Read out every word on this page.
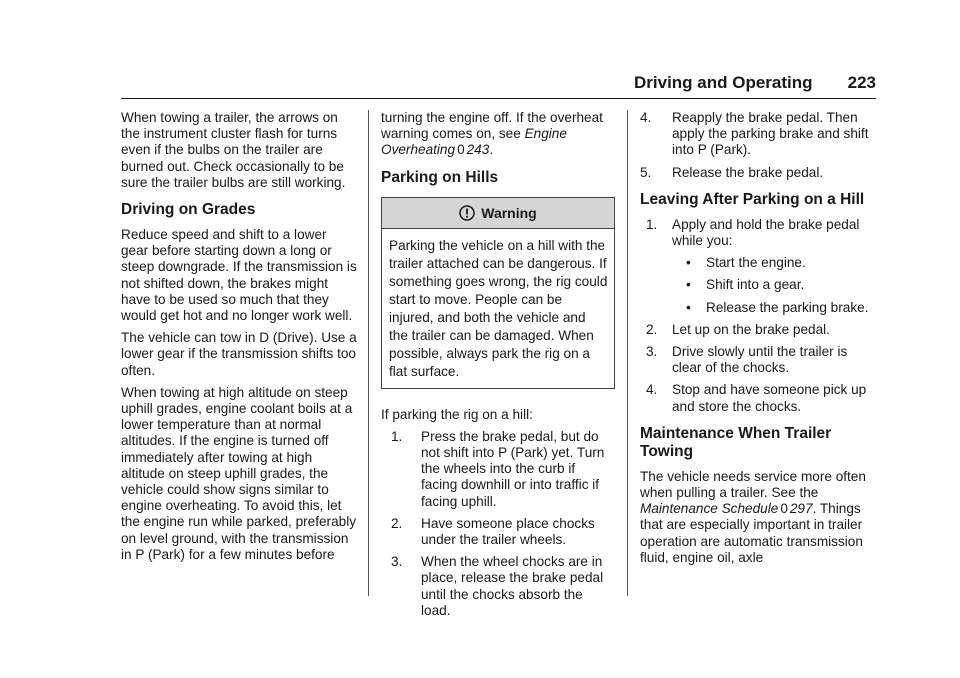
Driving and Operating 223

When towing a trailer, the arrows on the instrument cluster flash for turns even if the bulbs on the trailer are burned out. Check occasionally to be sure the trailer bulbs are still working.

Driving on Grades

Reduce speed and shift to a lower gear before starting down a long or steep downgrade. If the transmission is not shifted down, the brakes might have to be used so much that they would get hot and no longer work well.

The vehicle can tow in D (Drive). Use a lower gear if the transmission shifts too often.

When towing at high altitude on steep uphill grades, engine coolant boils at a lower temperature than at normal altitudes. If the engine is turned off immediately after towing at high altitude on steep uphill grades, the vehicle could show signs similar to engine overheating. To avoid this, let the engine run while parked, preferably on level ground, with the transmission in P (Park) for a few minutes before

turning the engine off. If the overheat warning comes on, see Engine Overheating 0 243.

Parking on Hills
Warning
Parking the vehicle on a hill with the trailer attached can be dangerous. If something goes wrong, the rig could start to move. People can be injured, and both the vehicle and the trailer can be damaged. When possible, always park the rig on a flat surface.

If parking the rig on a hill:

1.	Press the brake pedal, but do not shift into P (Park) yet. Turn the wheels into the curb if facing downhill or into traffic if facing uphill.
2.	Have someone place chocks under the trailer wheels.
3.	When the wheel chocks are in place, release the brake pedal until the chocks absorb the load.
4.	Reapply the brake pedal. Then apply the parking brake and shift into P (Park).
5.	Release the brake pedal.
Leaving After Parking on a Hill
1.	Apply and hold the brake pedal while you:
•	Start the engine.
•	Shift into a gear.
•	Release the parking brake.
2.	Let up on the brake pedal.
3.	Drive slowly until the trailer is clear of the chocks.
4.	Stop and have someone pick up and store the chocks.
Maintenance When Trailer Towing

The vehicle needs service more often when pulling a trailer. See the Maintenance Schedule 0 297. Things that are especially important in trailer operation are automatic transmission fluid, engine oil, axle
